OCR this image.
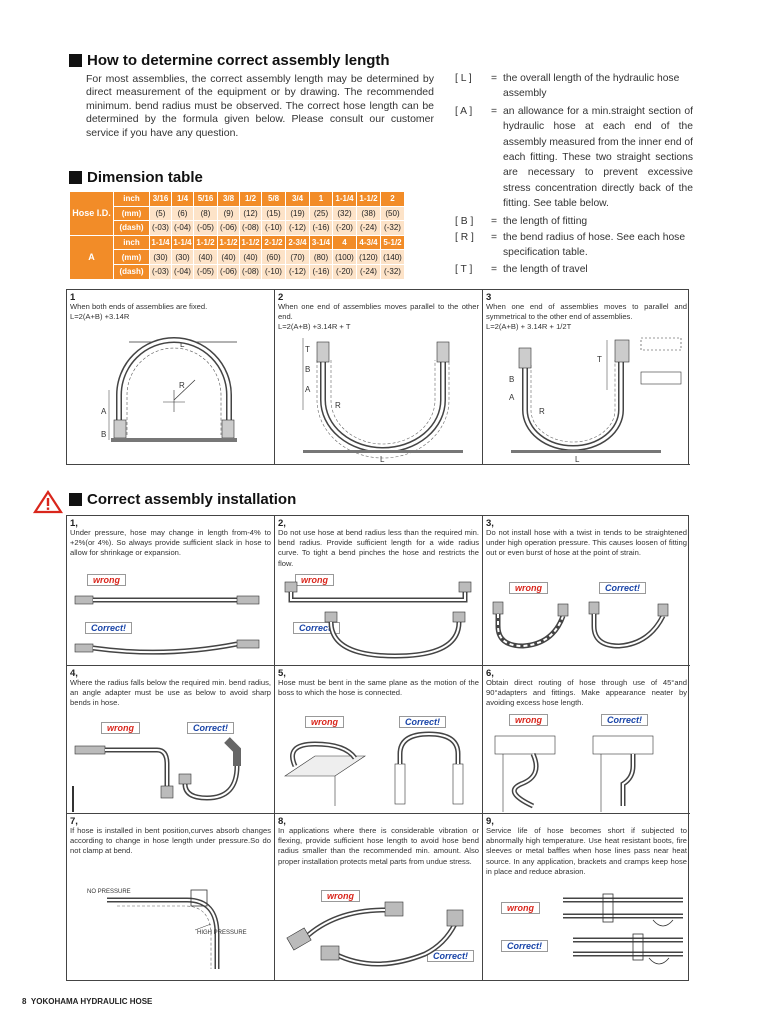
How to determine correct assembly length
For most assemblies, the correct assembly length may be determined by direct measurement of the equipment or by drawing. The recommended minimum. bend radius must be observed. The correct hose length can be determined by the formula given below. Please consult our customer service if you have any question.
[ L ]	= the overall length of the hydraulic hose assembly
[ A ]	= an allowance for a min.straight section of hydraulic hose at each end of the assembly measured from the inner end of each fitting. These two straight sections are necessary to prevent excessive stress concentration directly back of the fitting. See table below.
[ B ]	= the length of fitting
[ R ]	= the bend radius of hose. See each hose specification table.
[ T ]	= the length of travel
Dimension table
Hose I.D.	inch	3/16	1/4	5/16	3/8	1/2	5/8	3/4	1	1-1/4	1-1/2	2
	(mm)	(5)	(6)	(8)	(9)	(12)	(15)	(19)	(25)	(32)	(38)	(50)
	(dash)	(-03)	(-04)	(-05)	(-06)	(-08)	(-10)	(-12)	(-16)	(-20)	(-24)	(-32)
A	inch	1-1/4	1-1/4	1-1/2	1-1/2	1-1/2	2-1/2	2-3/4	3-1/4	4	4-3/4	5-1/2
	(mm)	(30)	(30)	(40)	(40)	(40)	(60)	(70)	(80)	(100)	(120)	(140)
	(dash)	(-03)	(-04)	(-05)	(-06)	(-08)	(-10)	(-12)	(-16)	(-20)	(-24)	(-32)
1
When both ends of assemblies are fixed.
L=2(A+B) +3.14R
L
R
A
B
2
When one end of assemblies moves parallel to the other end.
L=2(A+B) +3.14R + T
T
B
A
R
L
3
When one end of assemblies moves to parallel and symmetrical to the other end of assemblies.
L=2(A+B) + 3.14R + 1/2T
T
B
A
R
L
Correct assembly installation
1,
Under pressure, hose may change in length from-4% to +2%(or 4%). So always provide sufficient slack in hose to allow for shrinkage or expansion.
wrong
Correct!
2,
Do not use hose at bend radius less than the required min. bend radius. Provide sufficient length for a wide radius curve. To tight a bend pinches the hose and restricts the flow.
wrong
Correct!
3,
Do not install hose with a twist in tends to be straightened under high operation pressure. This causes loosen of fitting out or even burst of hose at the point of strain.
wrong	Correct!
4,
Where the radius falls below the required min. bend radius, an angle adapter must be use as below to avoid sharp bends in hose.
wrong	Correct!
5,
Hose must be bent in the same plane as the motion of the boss to which the hose is connected.
wrong	Correct!
6,
Obtain direct routing of hose through use of 45°and 90°adapters and fittings. Make appearance neater by avoiding excess hose length.
wrong	Correct!
7,
If hose is installed in bent position,curves absorb changes according to change in hose length under pressure.So do not clamp at bend.
NO PRESSURE
HIGH PRESSURE
8,
In applications where there is considerable vibration or flexing, provide sufficient hose length to avoid hose bend radius smaller than the recommended min. amount. Also proper installation protects metal parts from undue stress.
wrong
Correct!
9,
Service life of hose becomes short if subjected to abnormally high temperature. Use heat resistant boots, fire sleeves or metal baffles when hose lines pass near heat source. In any application, brackets and cramps keep hose in place and reduce abrasion.
wrong
Correct!
8 YOKOHAMA HYDRAULIC HOSE
